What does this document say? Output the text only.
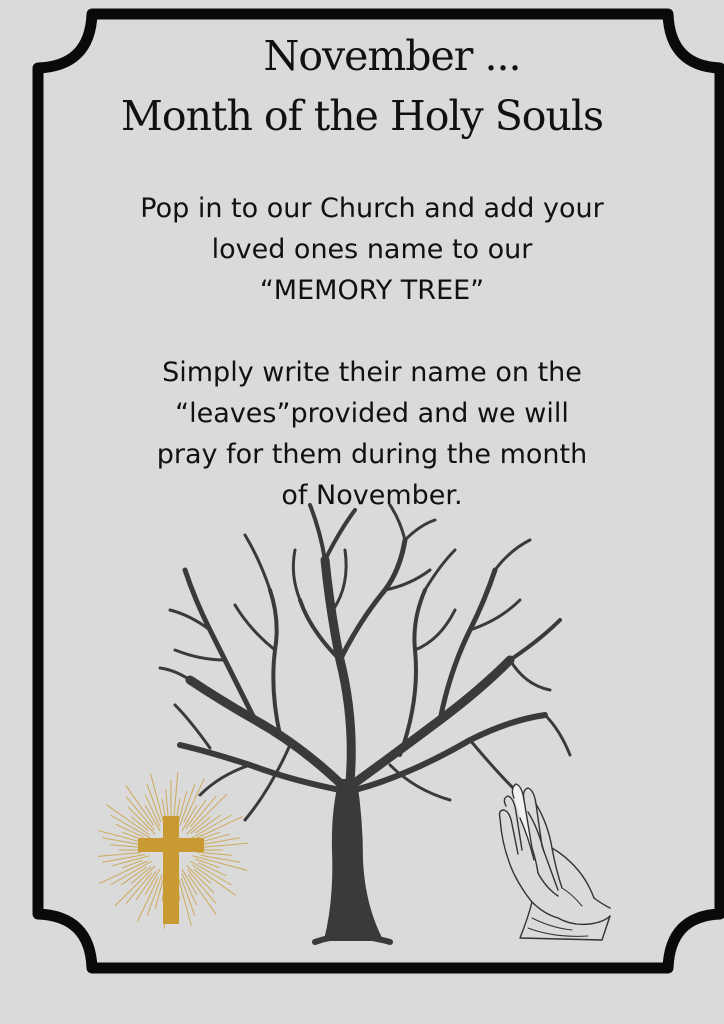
November ...
Month of the Holy Souls
Pop in to our Church and add your
loved ones name to our
“MEMORY TREE”
Simply write their name on the
“leaves”provided and we will
pray for them during the month
of November.
